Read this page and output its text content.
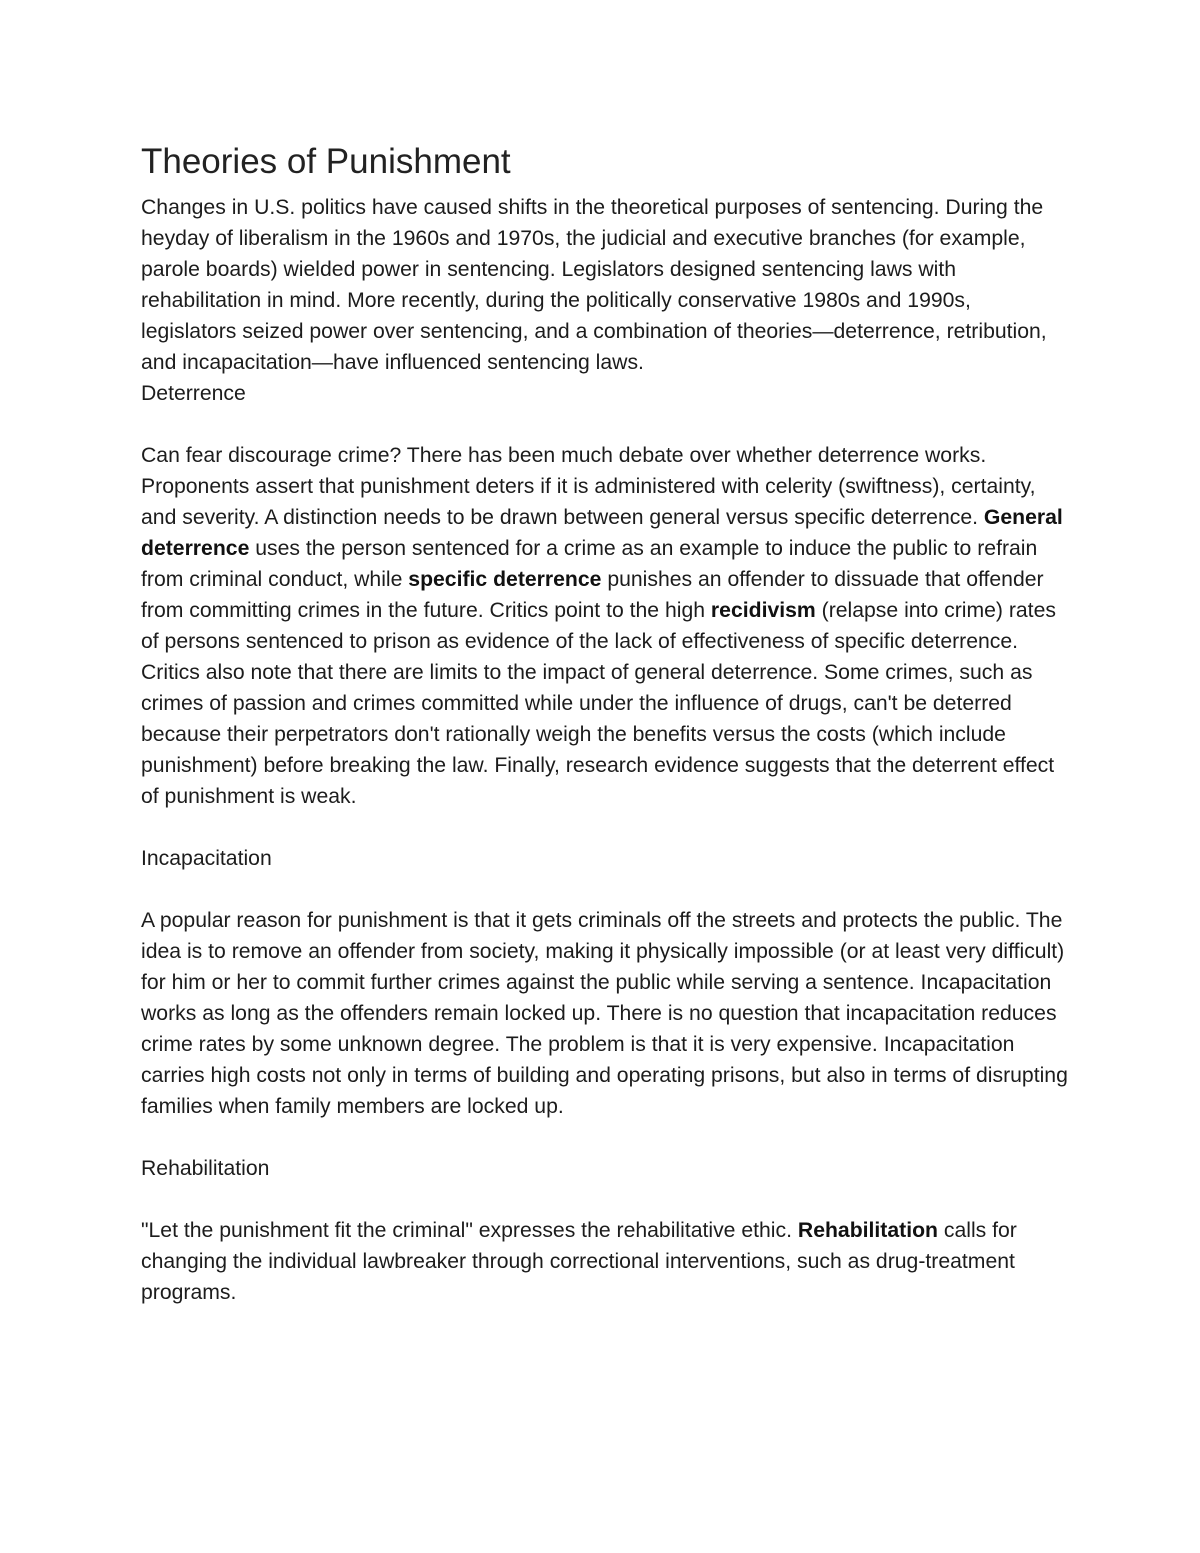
Theories of Punishment

Changes in U.S. politics have caused shifts in the theoretical purposes of sentencing. During the heyday of liberalism in the 1960s and 1970s, the judicial and executive branches (for example, parole boards) wielded power in sentencing. Legislators designed sentencing laws with rehabilitation in mind. More recently, during the politically conservative 1980s and 1990s, legislators seized power over sentencing, and a combination of theories—deterrence, retribution, and incapacitation—have influenced sentencing laws.

Deterrence

Can fear discourage crime? There has been much debate over whether deterrence works. Proponents assert that punishment deters if it is administered with celerity (swiftness), certainty, and severity. A distinction needs to be drawn between general versus specific deterrence. General deterrence uses the person sentenced for a crime as an example to induce the public to refrain from criminal conduct, while specific deterrence punishes an offender to dissuade that offender from committing crimes in the future. Critics point to the high recidivism (relapse into crime) rates of persons sentenced to prison as evidence of the lack of effectiveness of specific deterrence. Critics also note that there are limits to the impact of general deterrence. Some crimes, such as crimes of passion and crimes committed while under the influence of drugs, can't be deterred because their perpetrators don't rationally weigh the benefits versus the costs (which include punishment) before breaking the law. Finally, research evidence suggests that the deterrent effect of punishment is weak.

Incapacitation

A popular reason for punishment is that it gets criminals off the streets and protects the public. The idea is to remove an offender from society, making it physically impossible (or at least very difficult) for him or her to commit further crimes against the public while serving a sentence. Incapacitation works as long as the offenders remain locked up. There is no question that incapacitation reduces crime rates by some unknown degree. The problem is that it is very expensive. Incapacitation carries high costs not only in terms of building and operating prisons, but also in terms of disrupting families when family members are locked up.

Rehabilitation

"Let the punishment fit the criminal" expresses the rehabilitative ethic. Rehabilitation calls for changing the individual lawbreaker through correctional interventions, such as drug-treatment programs.
